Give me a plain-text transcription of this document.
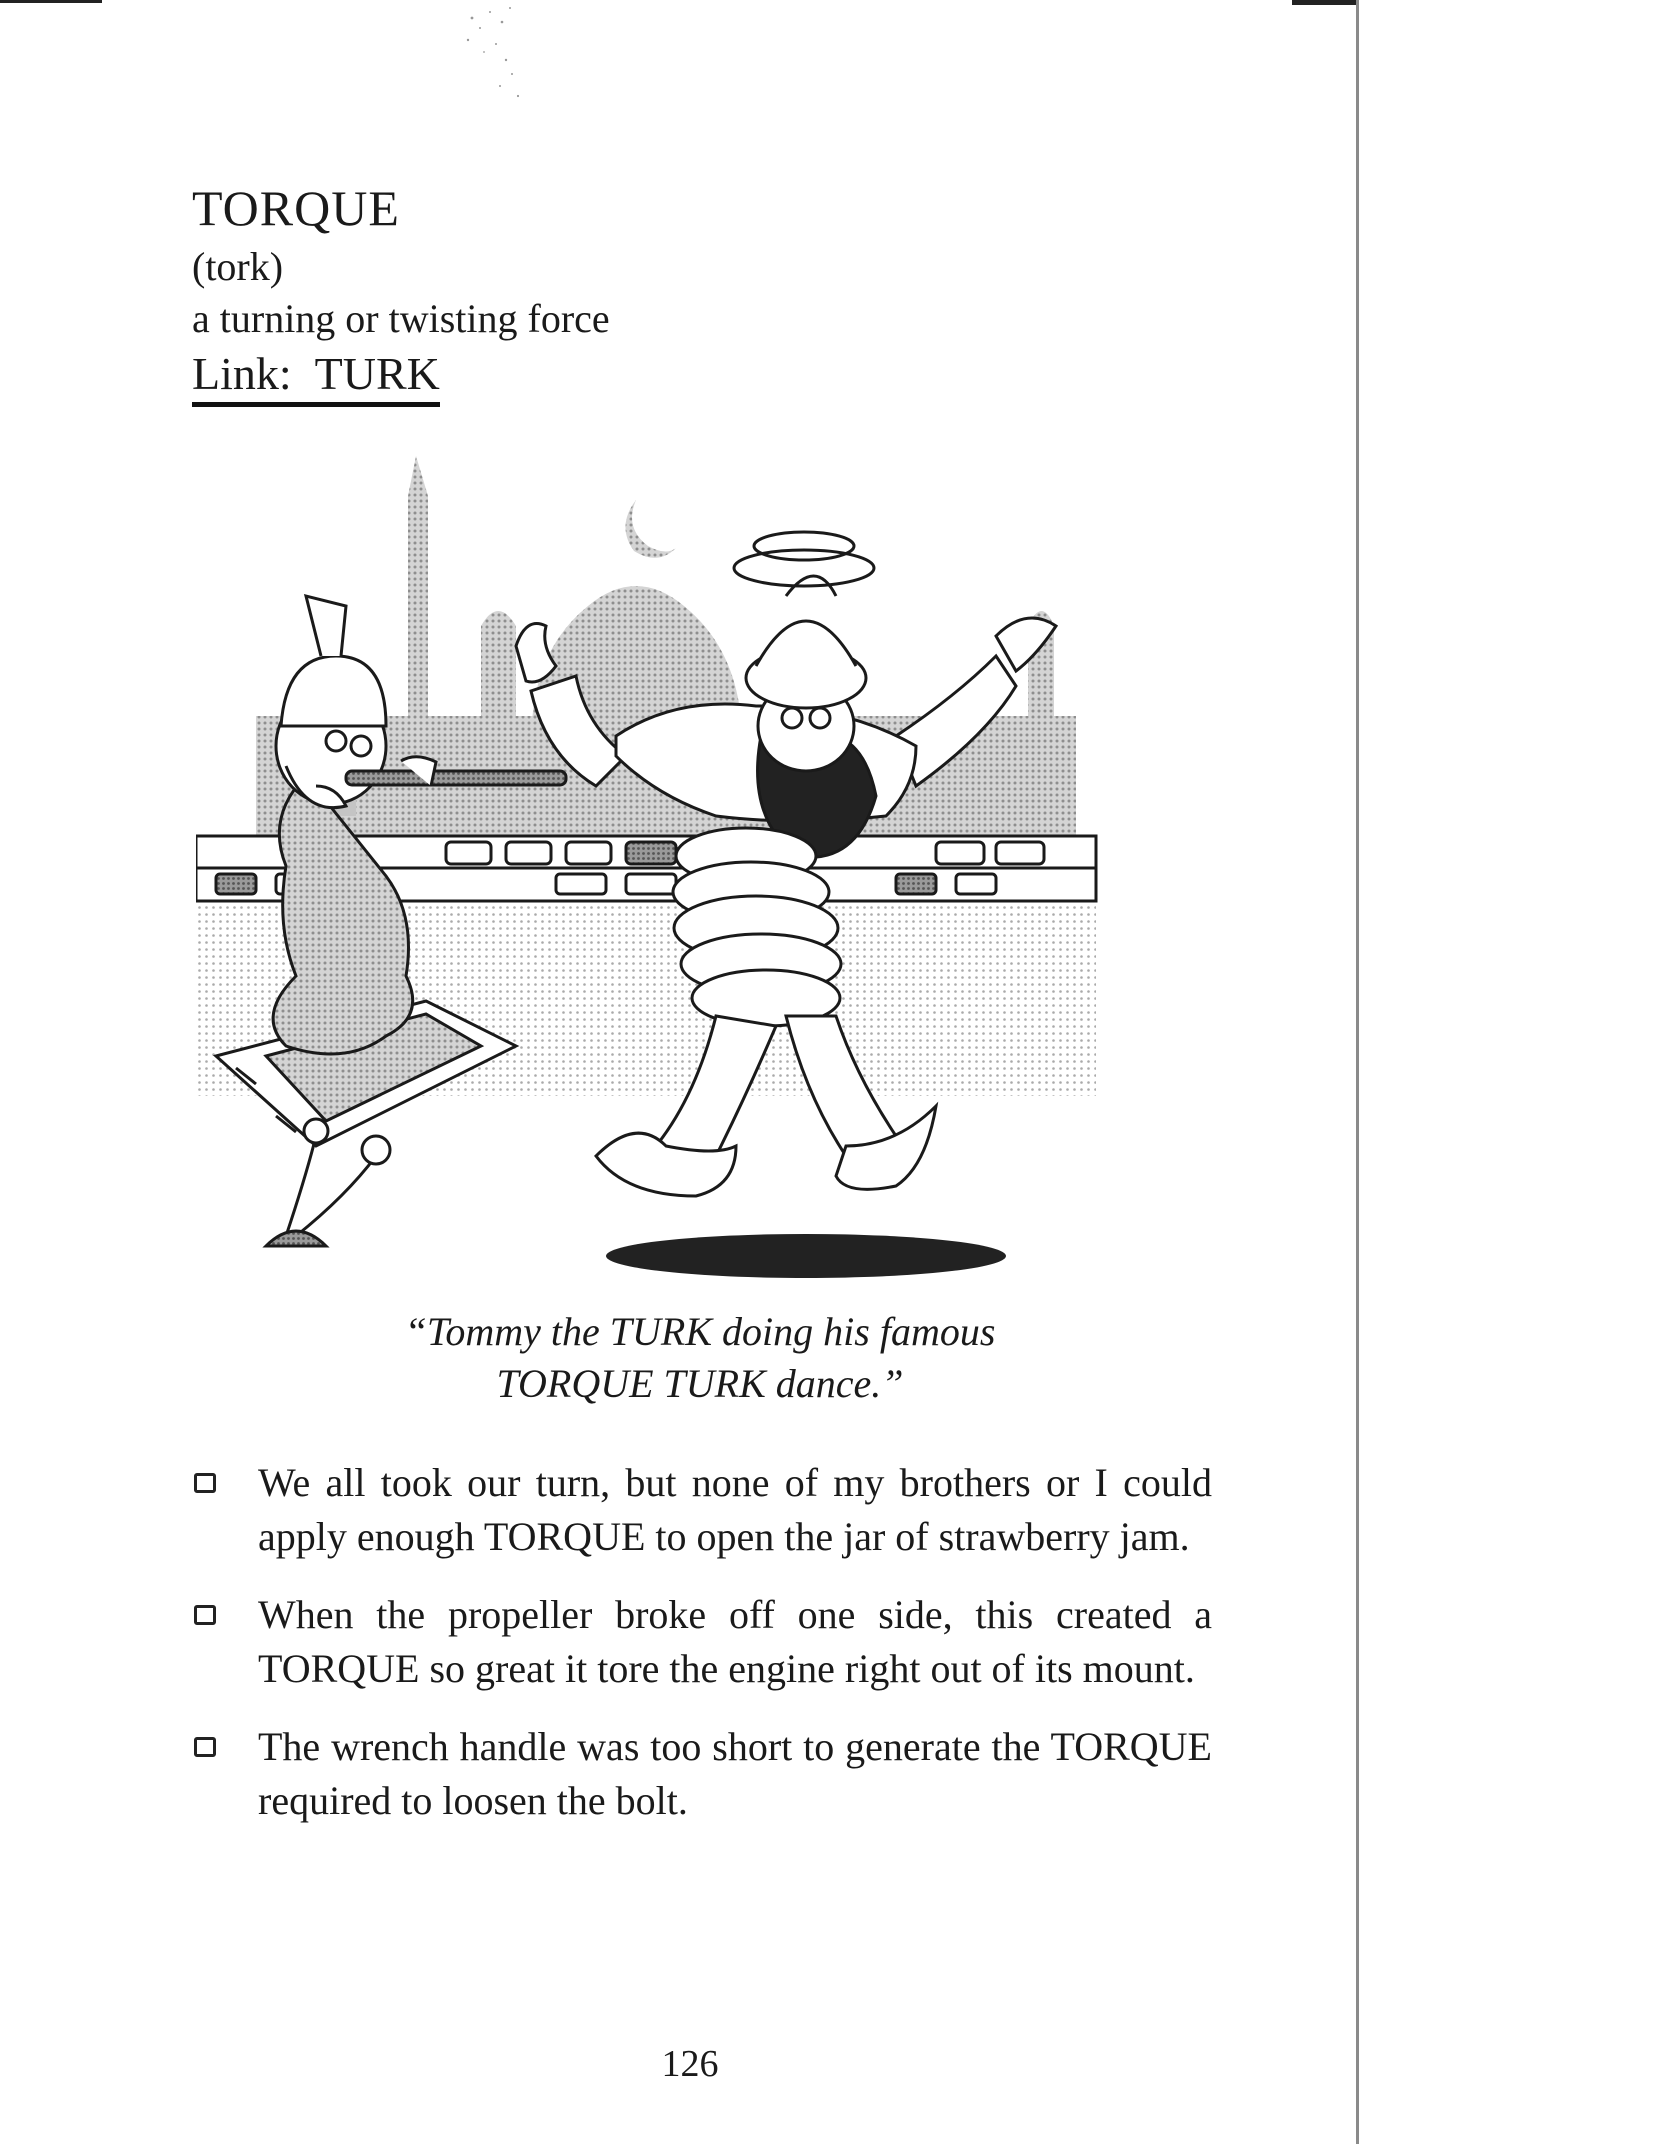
TORQUE
(tork)
a turning or twisting force
Link: TURK
“Tommy the TURK doing his famous
TORQUE TURK dance.”
We all took our turn, but none of my brothers or I could apply enough TORQUE to open the jar of strawberry jam.
When the propeller broke off one side, this created a TORQUE so great it tore the engine right out of its mount.
The wrench handle was too short to generate the TORQUE required to loosen the bolt.
126
